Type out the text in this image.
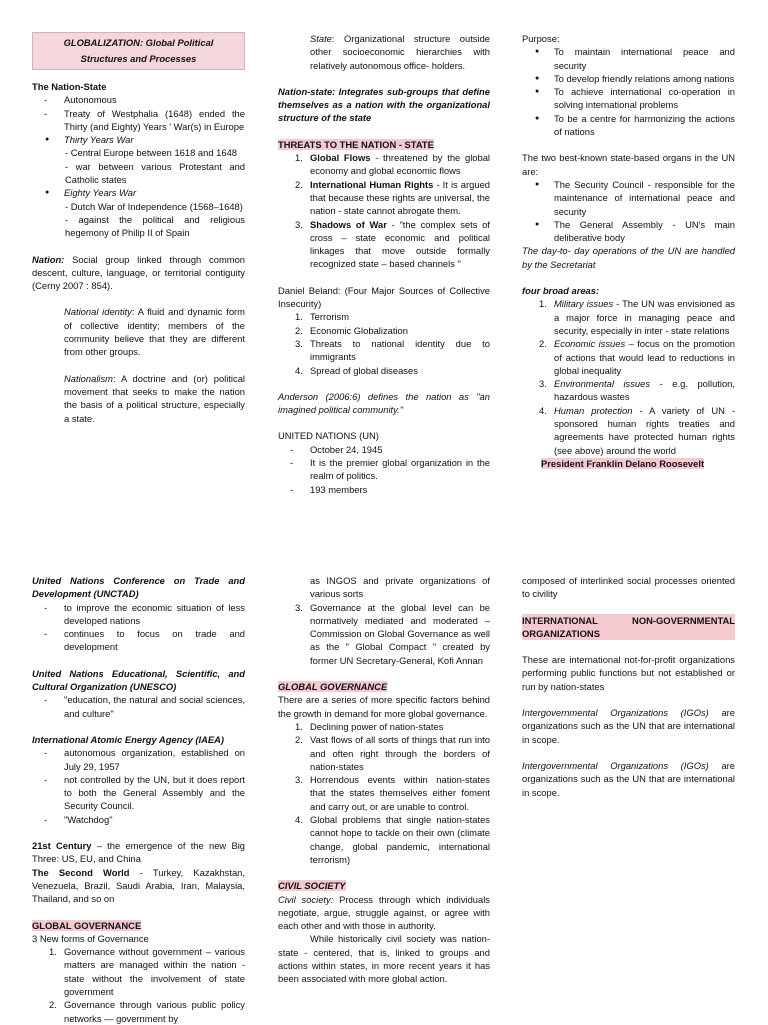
GLOBALIZATION: Global Political Structures and Processes

The Nation-State

- Autonomous
- Treaty of Westphalia (1648) ended the Thirty (and Eighty) Years ' War(s) in Europe
● Thirty Years War

- Central Europe between 1618 and 1648

- war between various Protestant and Catholic states

● Eighty Years War

- Dutch War of Independence (1568–1648)

- against the political and religious hegemony of Philip II of Spain

Nation: Social group linked through common descent, culture, language, or territorial contiguity (Cerny 2007 : 854).

National identity: A fluid and dynamic form of collective identity; members of the community believe that they are different from other groups.

Nationalism: A doctrine and (or) political movement that seeks to make the nation the basis of a political structure, especially a state.

State: Organizational structure outside other socioeconomic hierarchies with relatively autonomous office- holders.

Nation-state: Integrates sub-groups that define themselves as a nation with the organizational structure of the state

THREATS TO THE NATION - STATE

1. Global Flows - threatened by the global economy and global economic flows
2. International Human Rights - It is argued that because these rights are universal, the nation - state cannot abrogate them.
3. Shadows of War - "the complex sets of cross – state economic and political linkages that move outside formally recognized state – based channels "

Daniel Beland: (Four Major Sources of Collective Insecurity)

1. Terrorism
2. Economic Globalization
3. Threats to national identity due to immigrants
4. Spread of global diseases

Anderson (2006:6) defines the nation as "an imagined political community."

UNITED NATIONS (UN)

- October 24, 1945
- It is the premier global organization in the realm of politics.
- 193 members

Purpose:

● To maintain international peace and security
● To develop friendly relations among nations
● To achieve international co-operation in solving international problems
● To be a centre for harmonizing the actions of nations

The two best-known state-based organs in the UN are:

● The Security Council - responsible for the maintenance of international peace and security
● The General Assembly - UN's main deliberative body

The day-to- day operations of the UN are handled by the Secretariat

four broad areas:

1. Military issues - The UN was envisioned as a major force in managing peace and security, especially in inter - state relations
2. Economic issues – focus on the promotion of actions that would lead to reductions in global inequality
3. Environmental issues - e.g. pollution, hazardous wastes
4. Human protection - A variety of UN - sponsored human rights treaties and agreements have protected human rights (see above) around the world

President Franklin Delano Roosevelt

United Nations Conference on Trade and Development (UNCTAD)

- to improve the economic situation of less developed nations
- continues to focus on trade and development

United Nations Educational, Scientific, and Cultural Organization (UNESCO)

- "education, the natural and social sciences, and culture"

International Atomic Energy Agency (IAEA)

- autonomous organization, established on July 29, 1957
- not controlled by the UN, but it does report to both the General Assembly and the Security Council.
- "Watchdog"

21st Century – the emergence of the new Big Three: US, EU, and China

The Second World - Turkey, Kazakhstan, Venezuela, Brazil, Saudi Arabia, Iran, Malaysia, Thailand, and so on

GLOBAL GOVERNANCE

3 New forms of Governance

1. Governance without government – various matters are managed within the nation - state without the involvement of state government
2. Governance through various public policy networks — government by

as INGOS and private organizations of various sorts

3. Governance at the global level can be normatively mediated and moderated – Commission on Global Governance as well as the " Global Compact " created by former UN Secretary-General, Kofi Annan

GLOBAL GOVERNANCE

There are a series of more specific factors behind the growth in demand for more global governance.

1. Declining power of nation-states
2. Vast flows of all sorts of things that run into and often right through the borders of nation-states
3. Horrendous events within nation-states that the states themselves either foment and carry out, or are unable to control.
4. Global problems that single nation-states cannot hope to tackle on their own (climate change, global pandemic, international terrorism)

CIVIL SOCIETY

Civil society: Process through which individuals negotiate, argue, struggle against, or agree with each other and with those in authority.

While historically civil society was nation-state - centered, that is, linked to groups and actions within states, in more recent years it has been associated with more global action.

composed of interlinked social processes oriented to civility

INTERNATIONAL NON-GOVERNMENTAL ORGANIZATIONS

These are international not-for-profit organizations performing public functions but not established or run by nation-states

Intergovernmental Organizations (IGOs) are organizations such as the UN that are international in scope.

Intergovernmental Organizations (IGOs) are organizations such as the UN that are international in scope.
